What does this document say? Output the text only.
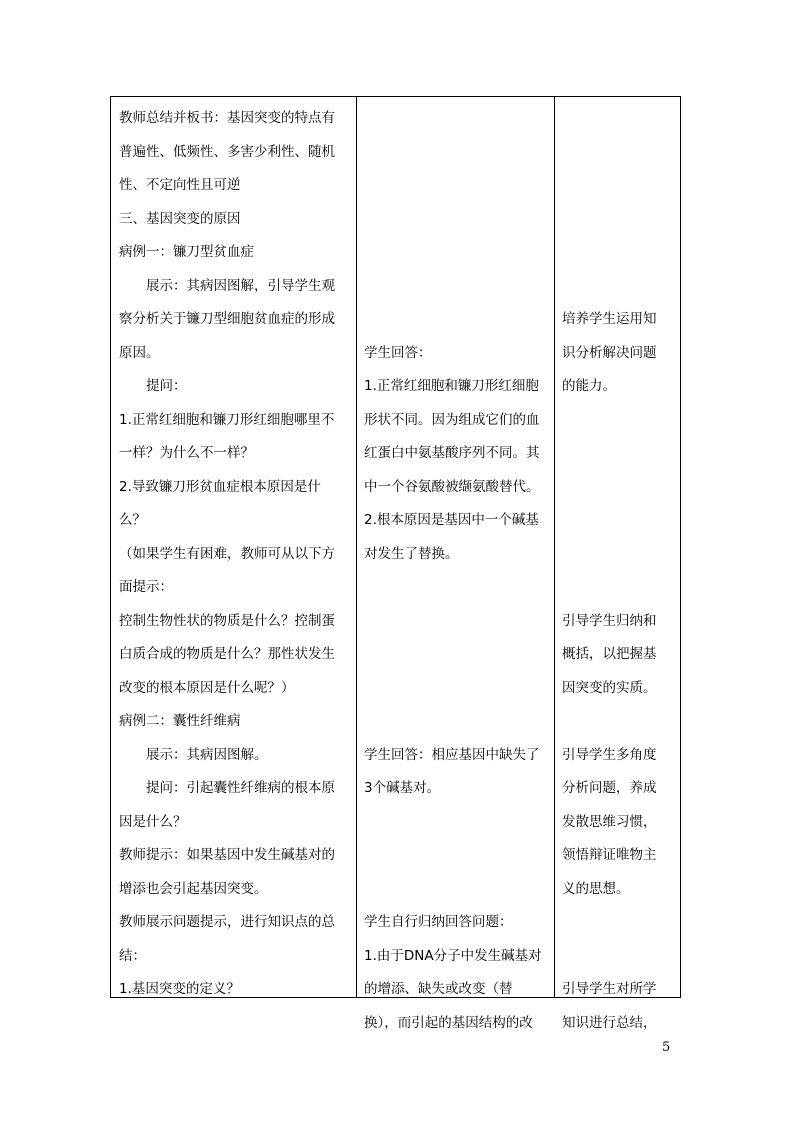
教师总结并板书：基因突变的特点有
普遍性、低频性、多害少利性、随机
性、不定向性且可逆
三、基因突变的原因
病例一：镰刀型贫血症
　　展示：其病因图解，引导学生观
察分析关于镰刀型细胞贫血症的形成
原因。
　　提问：
1.正常红细胞和镰刀形红细胞哪里不
一样？为什么不一样？
2.导致镰刀形贫血症根本原因是什
么？
（如果学生有困难，教师可从以下方
面提示：
控制生物性状的物质是什么？控制蛋
白质合成的物质是什么？那性状发生
改变的根本原因是什么呢？）
病例二：囊性纤维病
　　展示：其病因图解。
　　提问：引起囊性纤维病的根本原
因是什么？
教师提示：如果基因中发生碱基对的
增添也会引起基因突变。
教师展示问题提示，进行知识点的总
结：
1.基因突变的定义？
学生回答：
1.正常红细胞和镰刀形红细胞
形状不同。因为组成它们的血
红蛋白中氨基酸序列不同。其
中一个谷氨酸被缬氨酸替代。
2.根本原因是基因中一个碱基
对发生了替换。
学生回答：相应基因中缺失了
3个碱基对。
学生自行归纳回答问题：
1.由于DNA分子中发生碱基对
的增添、缺失或改变（替
换），而引起的基因结构的改
培养学生运用知
识分析解决问题
的能力。
引导学生归纳和
概括，以把握基
因突变的实质。
引导学生多角度
分析问题，养成
发散思维习惯，
领悟辩证唯物主
义的思想。
引导学生对所学
知识进行总结，
5
